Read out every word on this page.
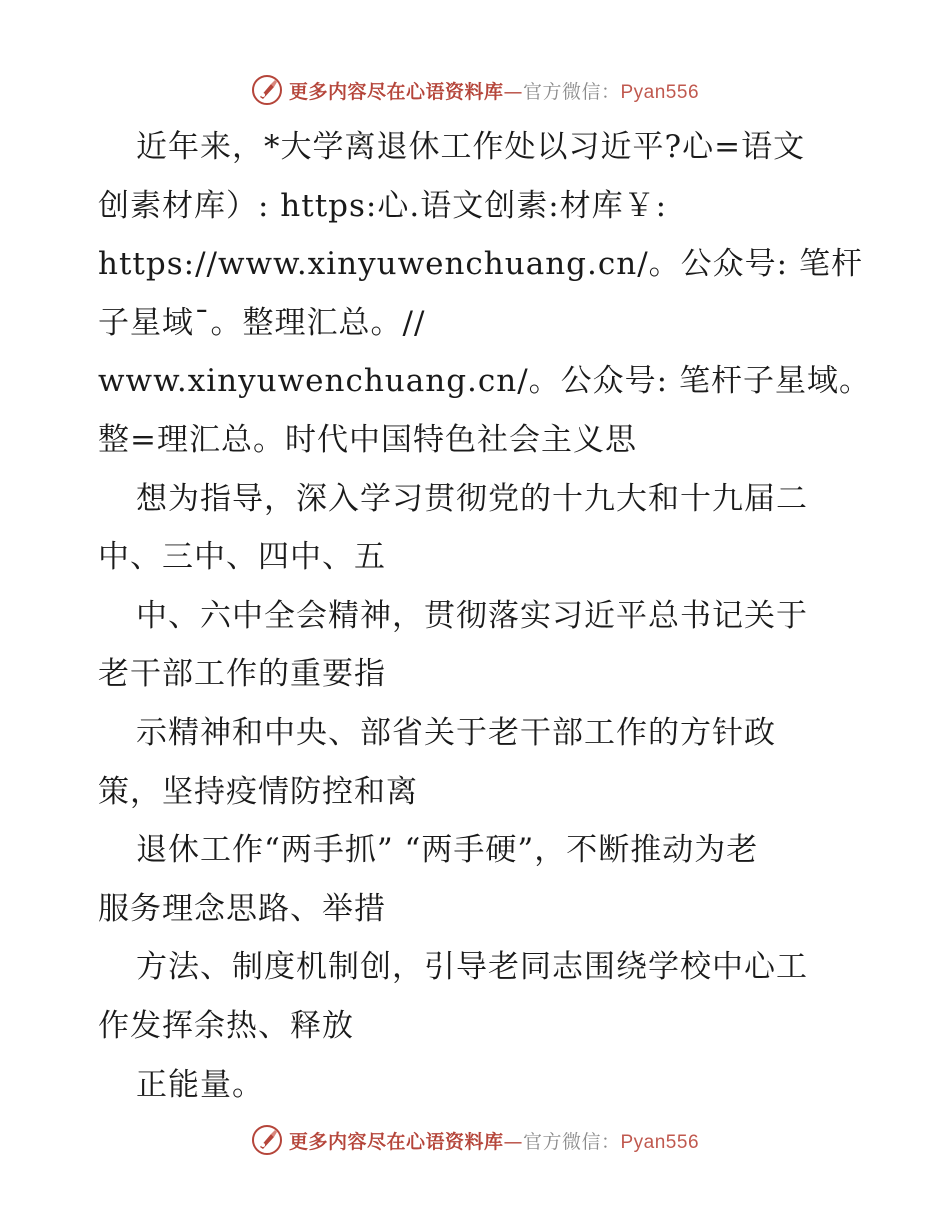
更多内容尽在心语资料库—官方微信：Pyan556
近年来，*大学离退休工作处以习近平?心=语文
创素材库）: https:心.语文创素:材库￥:
https://www.xinyuwenchuang.cn/。公众号: 笔杆
子星域¯。整理汇总。//
www.xinyuwenchuang.cn/。公众号: 笔杆子星域。
整=理汇总。时代中国特色社会主义思
想为指导，深入学习贯彻党的十九大和十九届二
中、三中、四中、五
中、六中全会精神，贯彻落实习近平总书记关于
老干部工作的重要指
示精神和中央、部省关于老干部工作的方针政
策，坚持疫情防控和离
退休工作“两手抓” “两手硬”，不断推动为老
服务理念思路、举措
方法、制度机制创，引导老同志围绕学校中心工
作发挥余热、释放
正能量。
更多内容尽在心语资料库—官方微信：Pyan556
